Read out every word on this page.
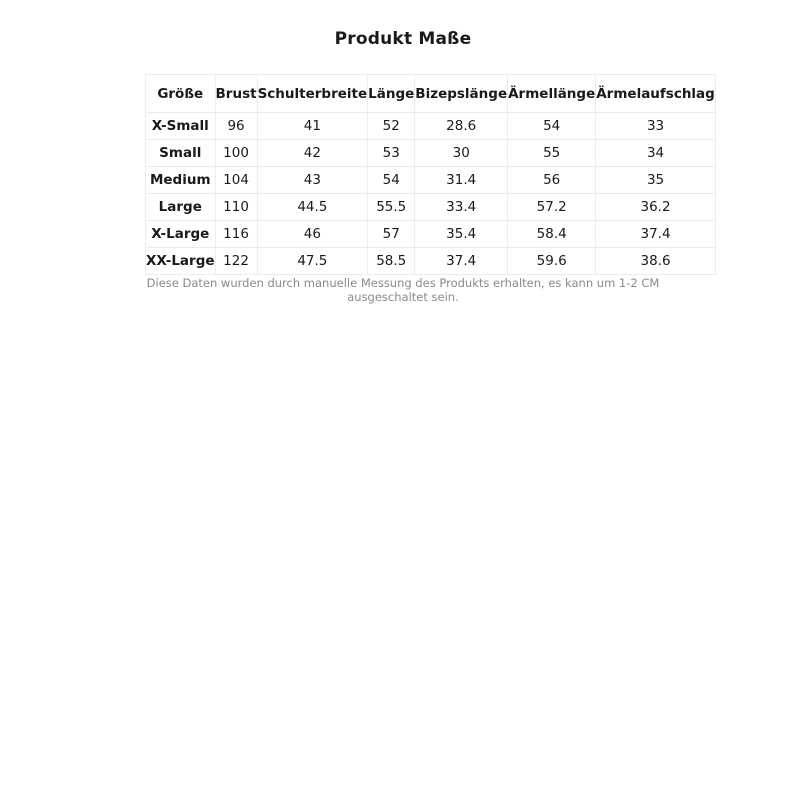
Produkt Maße
Größe	Brust	Schulterbreite	Länge	Bizepslänge	Ärmellänge	Ärmelaufschlag
X-Small	96	41	52	28.6	54	33
Small	100	42	53	30	55	34
Medium	104	43	54	31.4	56	35
Large	110	44.5	55.5	33.4	57.2	36.2
X-Large	116	46	57	35.4	58.4	37.4
XX-Large	122	47.5	58.5	37.4	59.6	38.6
Diese Daten wurden durch manuelle Messung des Produkts erhalten, es kann um 1-2 CM ausgeschaltet sein.
